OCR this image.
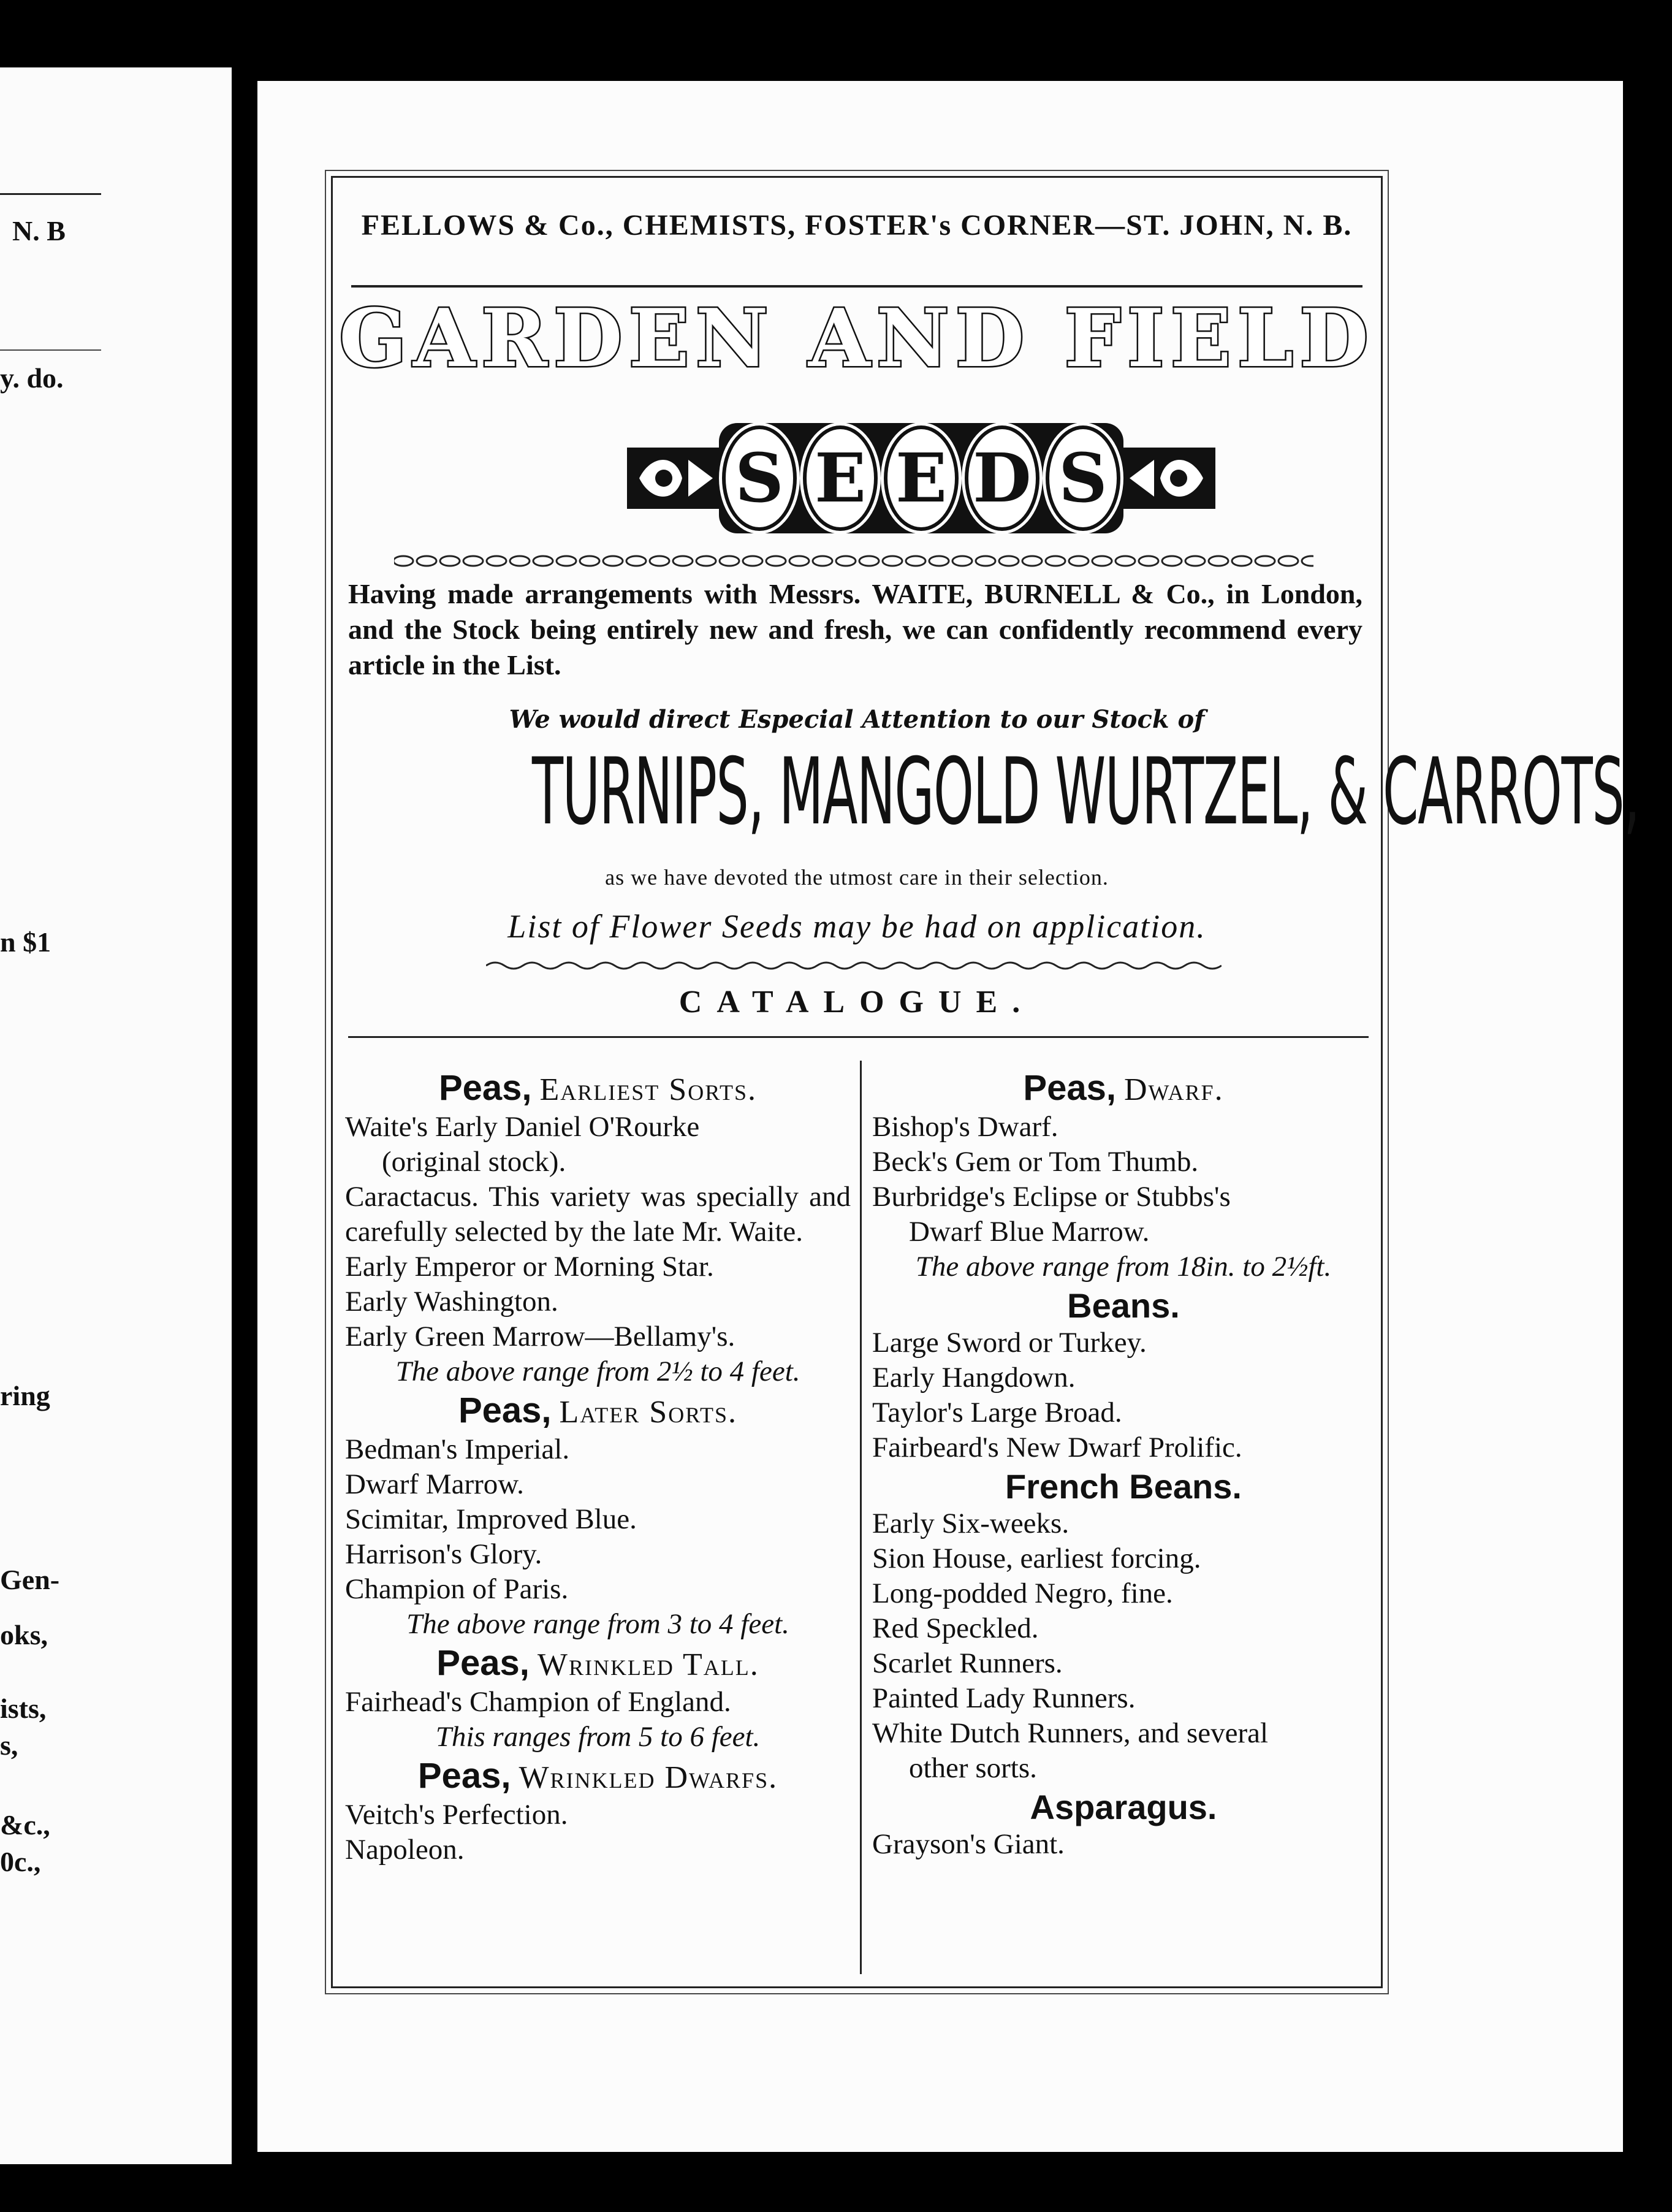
N. B
y. do.
n $1
ring
Gen-
oks,
ists,
s,
&c.,
0c.,
FELLOWS & Co., CHEMISTS, FOSTER's CORNER—ST. JOHN, N. B.
GARDEN AND FIELD
S E E D S
Having made arrangements with Messrs. WAITE, BURNELL & Co., in London, and the Stock being entirely new and fresh, we can confidently recommend every article in the List.
We would direct Especial Attention to our Stock of
TURNIPS, MANGOLD WURTZEL, & CARROTS,
as we have devoted the utmost care in their selection.
List of Flower Seeds may be had on application.
CATALOGUE.
Peas, Earliest Sorts.
Waite's Early Daniel O'Rourke
(original stock).
Caractacus. This variety was specially and carefully selected by the late Mr. Waite.
Early Emperor or Morning Star.
Early Washington.
Early Green Marrow—Bellamy's.
The above range from 2½ to 4 feet.
Peas, Later Sorts.
Bedman's Imperial.
Dwarf Marrow.
Scimitar, Improved Blue.
Harrison's Glory.
Champion of Paris.
The above range from 3 to 4 feet.
Peas, Wrinkled Tall.
Fairhead's Champion of England.
This ranges from 5 to 6 feet.
Peas, Wrinkled Dwarfs.
Veitch's Perfection.
Napoleon.
Peas, Dwarf.
Bishop's Dwarf.
Beck's Gem or Tom Thumb.
Burbridge's Eclipse or Stubbs's
Dwarf Blue Marrow.
The above range from 18in. to 2½ft.
Beans.
Large Sword or Turkey.
Early Hangdown.
Taylor's Large Broad.
Fairbeard's New Dwarf Prolific.
French Beans.
Early Six-weeks.
Sion House, earliest forcing.
Long-podded Negro, fine.
Red Speckled.
Scarlet Runners.
Painted Lady Runners.
White Dutch Runners, and several
other sorts.
Asparagus.
Grayson's Giant.
